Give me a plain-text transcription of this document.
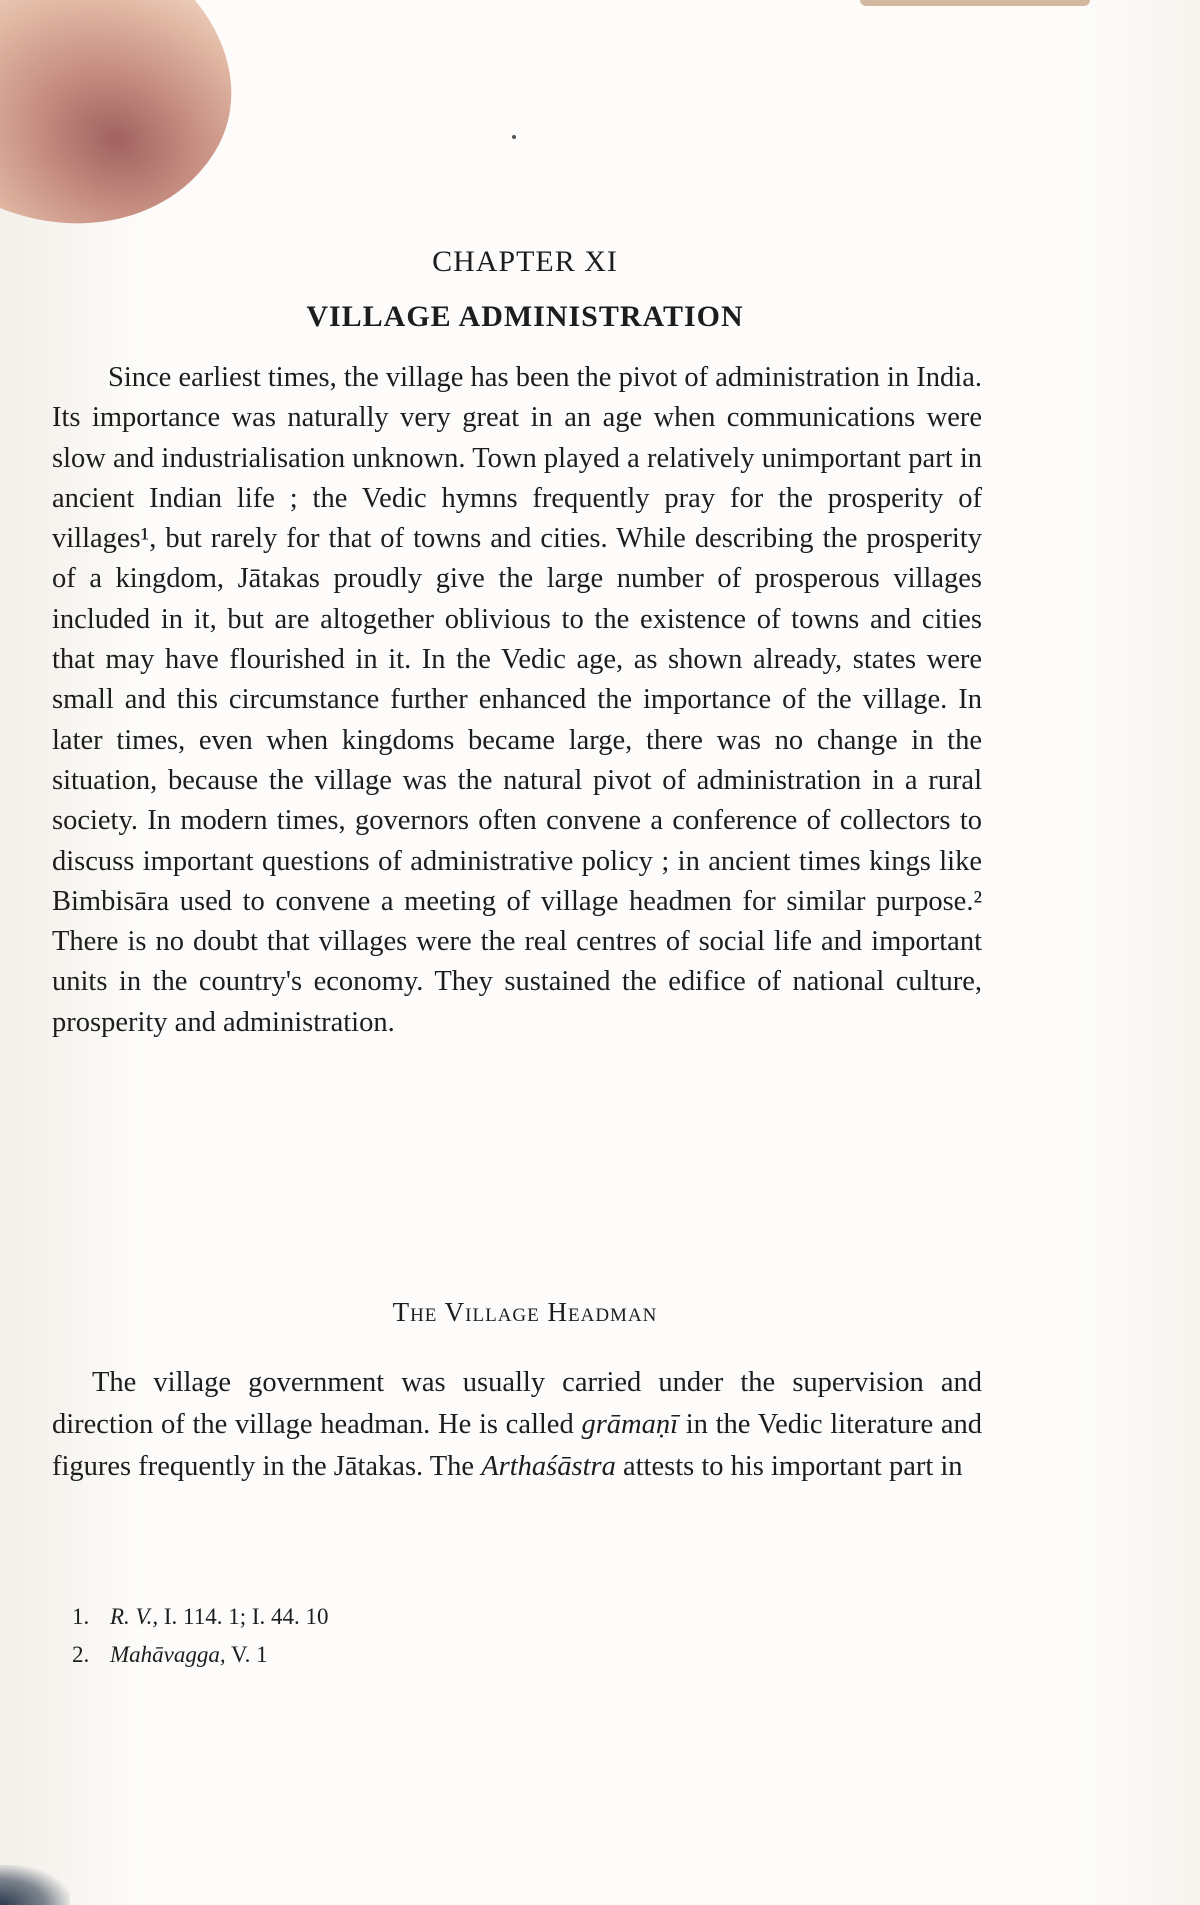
CHAPTER XI
VILLAGE ADMINISTRATION

Since earliest times, the village has been the pivot of administration in India. Its importance was naturally very great in an age when communications were slow and industrialisation unknown. Town played a relatively unimportant part in ancient Indian life ; the Vedic hymns frequently pray for the prosperity of villages¹, but rarely for that of towns and cities. While describing the prosperity of a kingdom, Jātakas proudly give the large number of prosperous villages included in it, but are altogether oblivious to the existence of towns and cities that may have flourished in it. In the Vedic age, as shown already, states were small and this circumstance further enhanced the importance of the village. In later times, even when kingdoms became large, there was no change in the situation, because the village was the natural pivot of administration in a rural society. In modern times, governors often convene a conference of collectors to discuss important questions of administrative policy ; in ancient times kings like Bimbisāra used to convene a meeting of village headmen for similar purpose.² There is no doubt that villages were the real centres of social life and important units in the country's economy. They sustained the edifice of national culture, prosperity and administration.

The Village Headman

The village government was usually carried under the supervision and direction of the village headman. He is called grāmaṇī in the Vedic literature and figures frequently in the Jātakas. The Arthaśāstra attests to his important part in

1. R. V., I. 114. 1; I. 44. 10
2. Mahāvagga, V. 1
